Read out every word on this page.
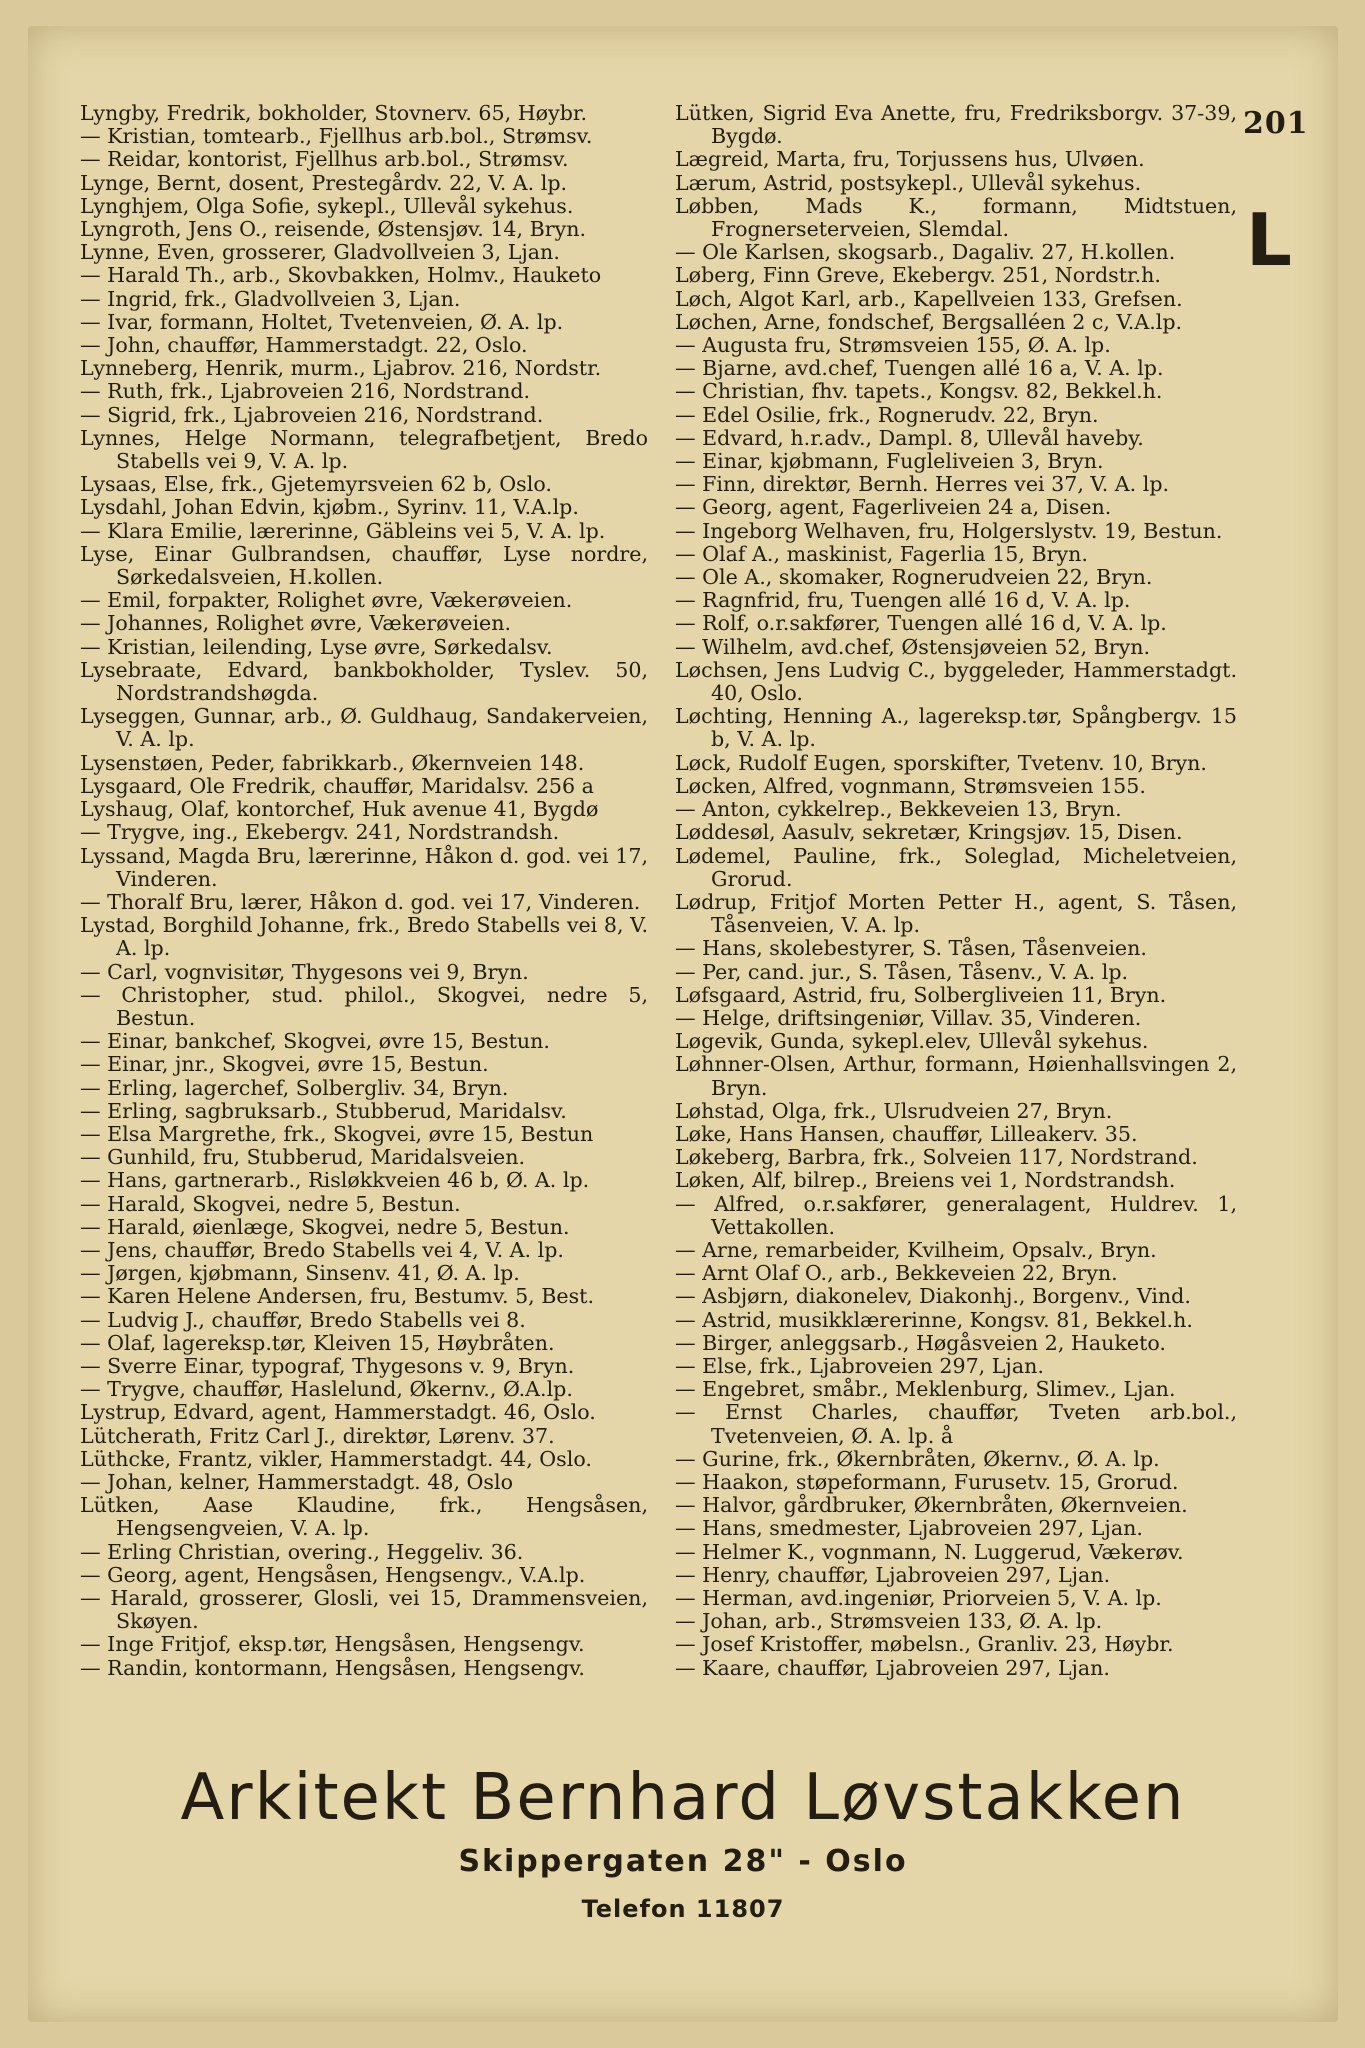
201
L
Lyngby, Fredrik, bokholder, Stovnerv. 65, Høybr.
— Kristian, tomtearb., Fjellhus arb.bol., Strømsv.
— Reidar, kontorist, Fjellhus arb.bol., Strømsv.
Lynge, Bernt, dosent, Prestegårdv. 22, V. A. lp.
Lynghjem, Olga Sofie, sykepl., Ullevål sykehus.
Lyngroth, Jens O., reisende, Østensjøv. 14, Bryn.
Lynne, Even, grosserer, Gladvollveien 3, Ljan.
— Harald Th., arb., Skovbakken, Holmv., Hauketo
— Ingrid, frk., Gladvollveien 3, Ljan.
— Ivar, formann, Holtet, Tvetenveien, Ø. A. lp.
— John, chauffør, Hammerstadgt. 22, Oslo.
Lynneberg, Henrik, murm., Ljabrov. 216, Nordstr.
— Ruth, frk., Ljabroveien 216, Nordstrand.
— Sigrid, frk., Ljabroveien 216, Nordstrand.
Lynnes, Helge Normann, telegrafbetjent, Bredo Stabells vei 9, V. A. lp.
Lysaas, Else, frk., Gjetemyrsveien 62 b, Oslo.
Lysdahl, Johan Edvin, kjøbm., Syrinv. 11, V.A.lp.
— Klara Emilie, lærerinne, Gäbleins vei 5, V. A. lp.
Lyse, Einar Gulbrandsen, chauffør, Lyse nordre, Sørkedalsveien, H.kollen.
— Emil, forpakter, Rolighet øvre, Vækerøveien.
— Johannes, Rolighet øvre, Vækerøveien.
— Kristian, leilending, Lyse øvre, Sørkedalsv.
Lysebraate, Edvard, bankbokholder, Tyslev. 50, Nordstrandshøgda.
Lyseggen, Gunnar, arb., Ø. Guldhaug, Sandakerveien, V. A. lp.
Lysenstøen, Peder, fabrikkarb., Økernveien 148.
Lysgaard, Ole Fredrik, chauffør, Maridalsv. 256 a
Lyshaug, Olaf, kontorchef, Huk avenue 41, Bygdø
— Trygve, ing., Ekebergv. 241, Nordstrandsh.
Lyssand, Magda Bru, lærerinne, Håkon d. god. vei 17, Vinderen.
— Thoralf Bru, lærer, Håkon d. god. vei 17, Vinderen.
Lystad, Borghild Johanne, frk., Bredo Stabells vei 8, V. A. lp.
— Carl, vognvisitør, Thygesons vei 9, Bryn.
— Christopher, stud. philol., Skogvei, nedre 5, Bestun.
— Einar, bankchef, Skogvei, øvre 15, Bestun.
— Einar, jnr., Skogvei, øvre 15, Bestun.
— Erling, lagerchef, Solbergliv. 34, Bryn.
— Erling, sagbruksarb., Stubberud, Maridalsv.
— Elsa Margrethe, frk., Skogvei, øvre 15, Bestun
— Gunhild, fru, Stubberud, Maridalsveien.
— Hans, gartnerarb., Risløkkveien 46 b, Ø. A. lp.
— Harald, Skogvei, nedre 5, Bestun.
— Harald, øienlæge, Skogvei, nedre 5, Bestun.
— Jens, chauffør, Bredo Stabells vei 4, V. A. lp.
— Jørgen, kjøbmann, Sinsenv. 41, Ø. A. lp.
— Karen Helene Andersen, fru, Bestumv. 5, Best.
— Ludvig J., chauffør, Bredo Stabells vei 8.
— Olaf, lagereksp.tør, Kleiven 15, Høybråten.
— Sverre Einar, typograf, Thygesons v. 9, Bryn.
— Trygve, chauffør, Haslelund, Økernv., Ø.A.lp.
Lystrup, Edvard, agent, Hammerstadgt. 46, Oslo.
Lütcherath, Fritz Carl J., direktør, Lørenv. 37.
Lüthcke, Frantz, vikler, Hammerstadgt. 44, Oslo.
— Johan, kelner, Hammerstadgt. 48, Oslo
Lütken, Aase Klaudine, frk., Hengsåsen, Hengsengveien, V. A. lp.
— Erling Christian, overing., Heggeliv. 36.
— Georg, agent, Hengsåsen, Hengsengv., V.A.lp.
— Harald, grosserer, Glosli, vei 15, Drammensveien, Skøyen.
— Inge Fritjof, eksp.tør, Hengsåsen, Hengsengv.
— Randin, kontormann, Hengsåsen, Hengsengv.
Lütken, Sigrid Eva Anette, fru, Fredriksborgv. 37-39, Bygdø.
Lægreid, Marta, fru, Torjussens hus, Ulvøen.
Lærum, Astrid, postsykepl., Ullevål sykehus.
Løbben, Mads K., formann, Midtstuen, Frognerseterveien, Slemdal.
— Ole Karlsen, skogsarb., Dagaliv. 27, H.kollen.
Løberg, Finn Greve, Ekebergv. 251, Nordstr.h.
Løch, Algot Karl, arb., Kapellveien 133, Grefsen.
Løchen, Arne, fondschef, Bergsalléen 2 c, V.A.lp.
— Augusta fru, Strømsveien 155, Ø. A. lp.
— Bjarne, avd.chef, Tuengen allé 16 a, V. A. lp.
— Christian, fhv. tapets., Kongsv. 82, Bekkel.h.
— Edel Osilie, frk., Rognerudv. 22, Bryn.
— Edvard, h.r.adv., Dampl. 8, Ullevål haveby.
— Einar, kjøbmann, Fugleliveien 3, Bryn.
— Finn, direktør, Bernh. Herres vei 37, V. A. lp.
— Georg, agent, Fagerliveien 24 a, Disen.
— Ingeborg Welhaven, fru, Holgerslystv. 19, Bestun.
— Olaf A., maskinist, Fagerlia 15, Bryn.
— Ole A., skomaker, Rognerudveien 22, Bryn.
— Ragnfrid, fru, Tuengen allé 16 d, V. A. lp.
— Rolf, o.r.sakfører, Tuengen allé 16 d, V. A. lp.
— Wilhelm, avd.chef, Østensjøveien 52, Bryn.
Løchsen, Jens Ludvig C., byggeleder, Hammerstadgt. 40, Oslo.
Løchting, Henning A., lagereksp.tør, Spångbergv. 15 b, V. A. lp.
Løck, Rudolf Eugen, sporskifter, Tvetenv. 10, Bryn.
Løcken, Alfred, vognmann, Strømsveien 155.
— Anton, cykkelrep., Bekkeveien 13, Bryn.
Løddesøl, Aasulv, sekretær, Kringsjøv. 15, Disen.
Lødemel, Pauline, frk., Soleglad, Micheletveien, Grorud.
Lødrup, Fritjof Morten Petter H., agent, S. Tåsen, Tåsenveien, V. A. lp.
— Hans, skolebestyrer, S. Tåsen, Tåsenveien.
— Per, cand. jur., S. Tåsen, Tåsenv., V. A. lp.
Løfsgaard, Astrid, fru, Solbergliveien 11, Bryn.
— Helge, driftsingeniør, Villav. 35, Vinderen.
Løgevik, Gunda, sykepl.elev, Ullevål sykehus.
Løhnner-Olsen, Arthur, formann, Høienhallsvingen 2, Bryn.
Løhstad, Olga, frk., Ulsrudveien 27, Bryn.
Løke, Hans Hansen, chauffør, Lilleakerv. 35.
Løkeberg, Barbra, frk., Solveien 117, Nordstrand.
Løken, Alf, bilrep., Breiens vei 1, Nordstrandsh.
— Alfred, o.r.sakfører, generalagent, Huldrev. 1, Vettakollen.
— Arne, remarbeider, Kvilheim, Opsalv., Bryn.
— Arnt Olaf O., arb., Bekkeveien 22, Bryn.
— Asbjørn, diakonelev, Diakonhj., Borgenv., Vind.
— Astrid, musikklærerinne, Kongsv. 81, Bekkel.h.
— Birger, anleggsarb., Høgåsveien 2, Hauketo.
— Else, frk., Ljabroveien 297, Ljan.
— Engebret, småbr., Meklenburg, Slimev., Ljan.
— Ernst Charles, chauffør, Tveten arb.bol., Tvetenveien, Ø. A. lp. å
— Gurine, frk., Økernbråten, Økernv., Ø. A. lp.
— Haakon, støpeformann, Furusetv. 15, Grorud.
— Halvor, gårdbruker, Økernbråten, Økernveien.
— Hans, smedmester, Ljabroveien 297, Ljan.
— Helmer K., vognmann, N. Luggerud, Vækerøv.
— Henry, chauffør, Ljabroveien 297, Ljan.
— Herman, avd.ingeniør, Priorveien 5, V. A. lp.
— Johan, arb., Strømsveien 133, Ø. A. lp.
— Josef Kristoffer, møbelsn., Granliv. 23, Høybr.
— Kaare, chauffør, Ljabroveien 297, Ljan.
Arkitekt Bernhard Løvstakken
Skippergaten 28" - Oslo
Telefon 11807
